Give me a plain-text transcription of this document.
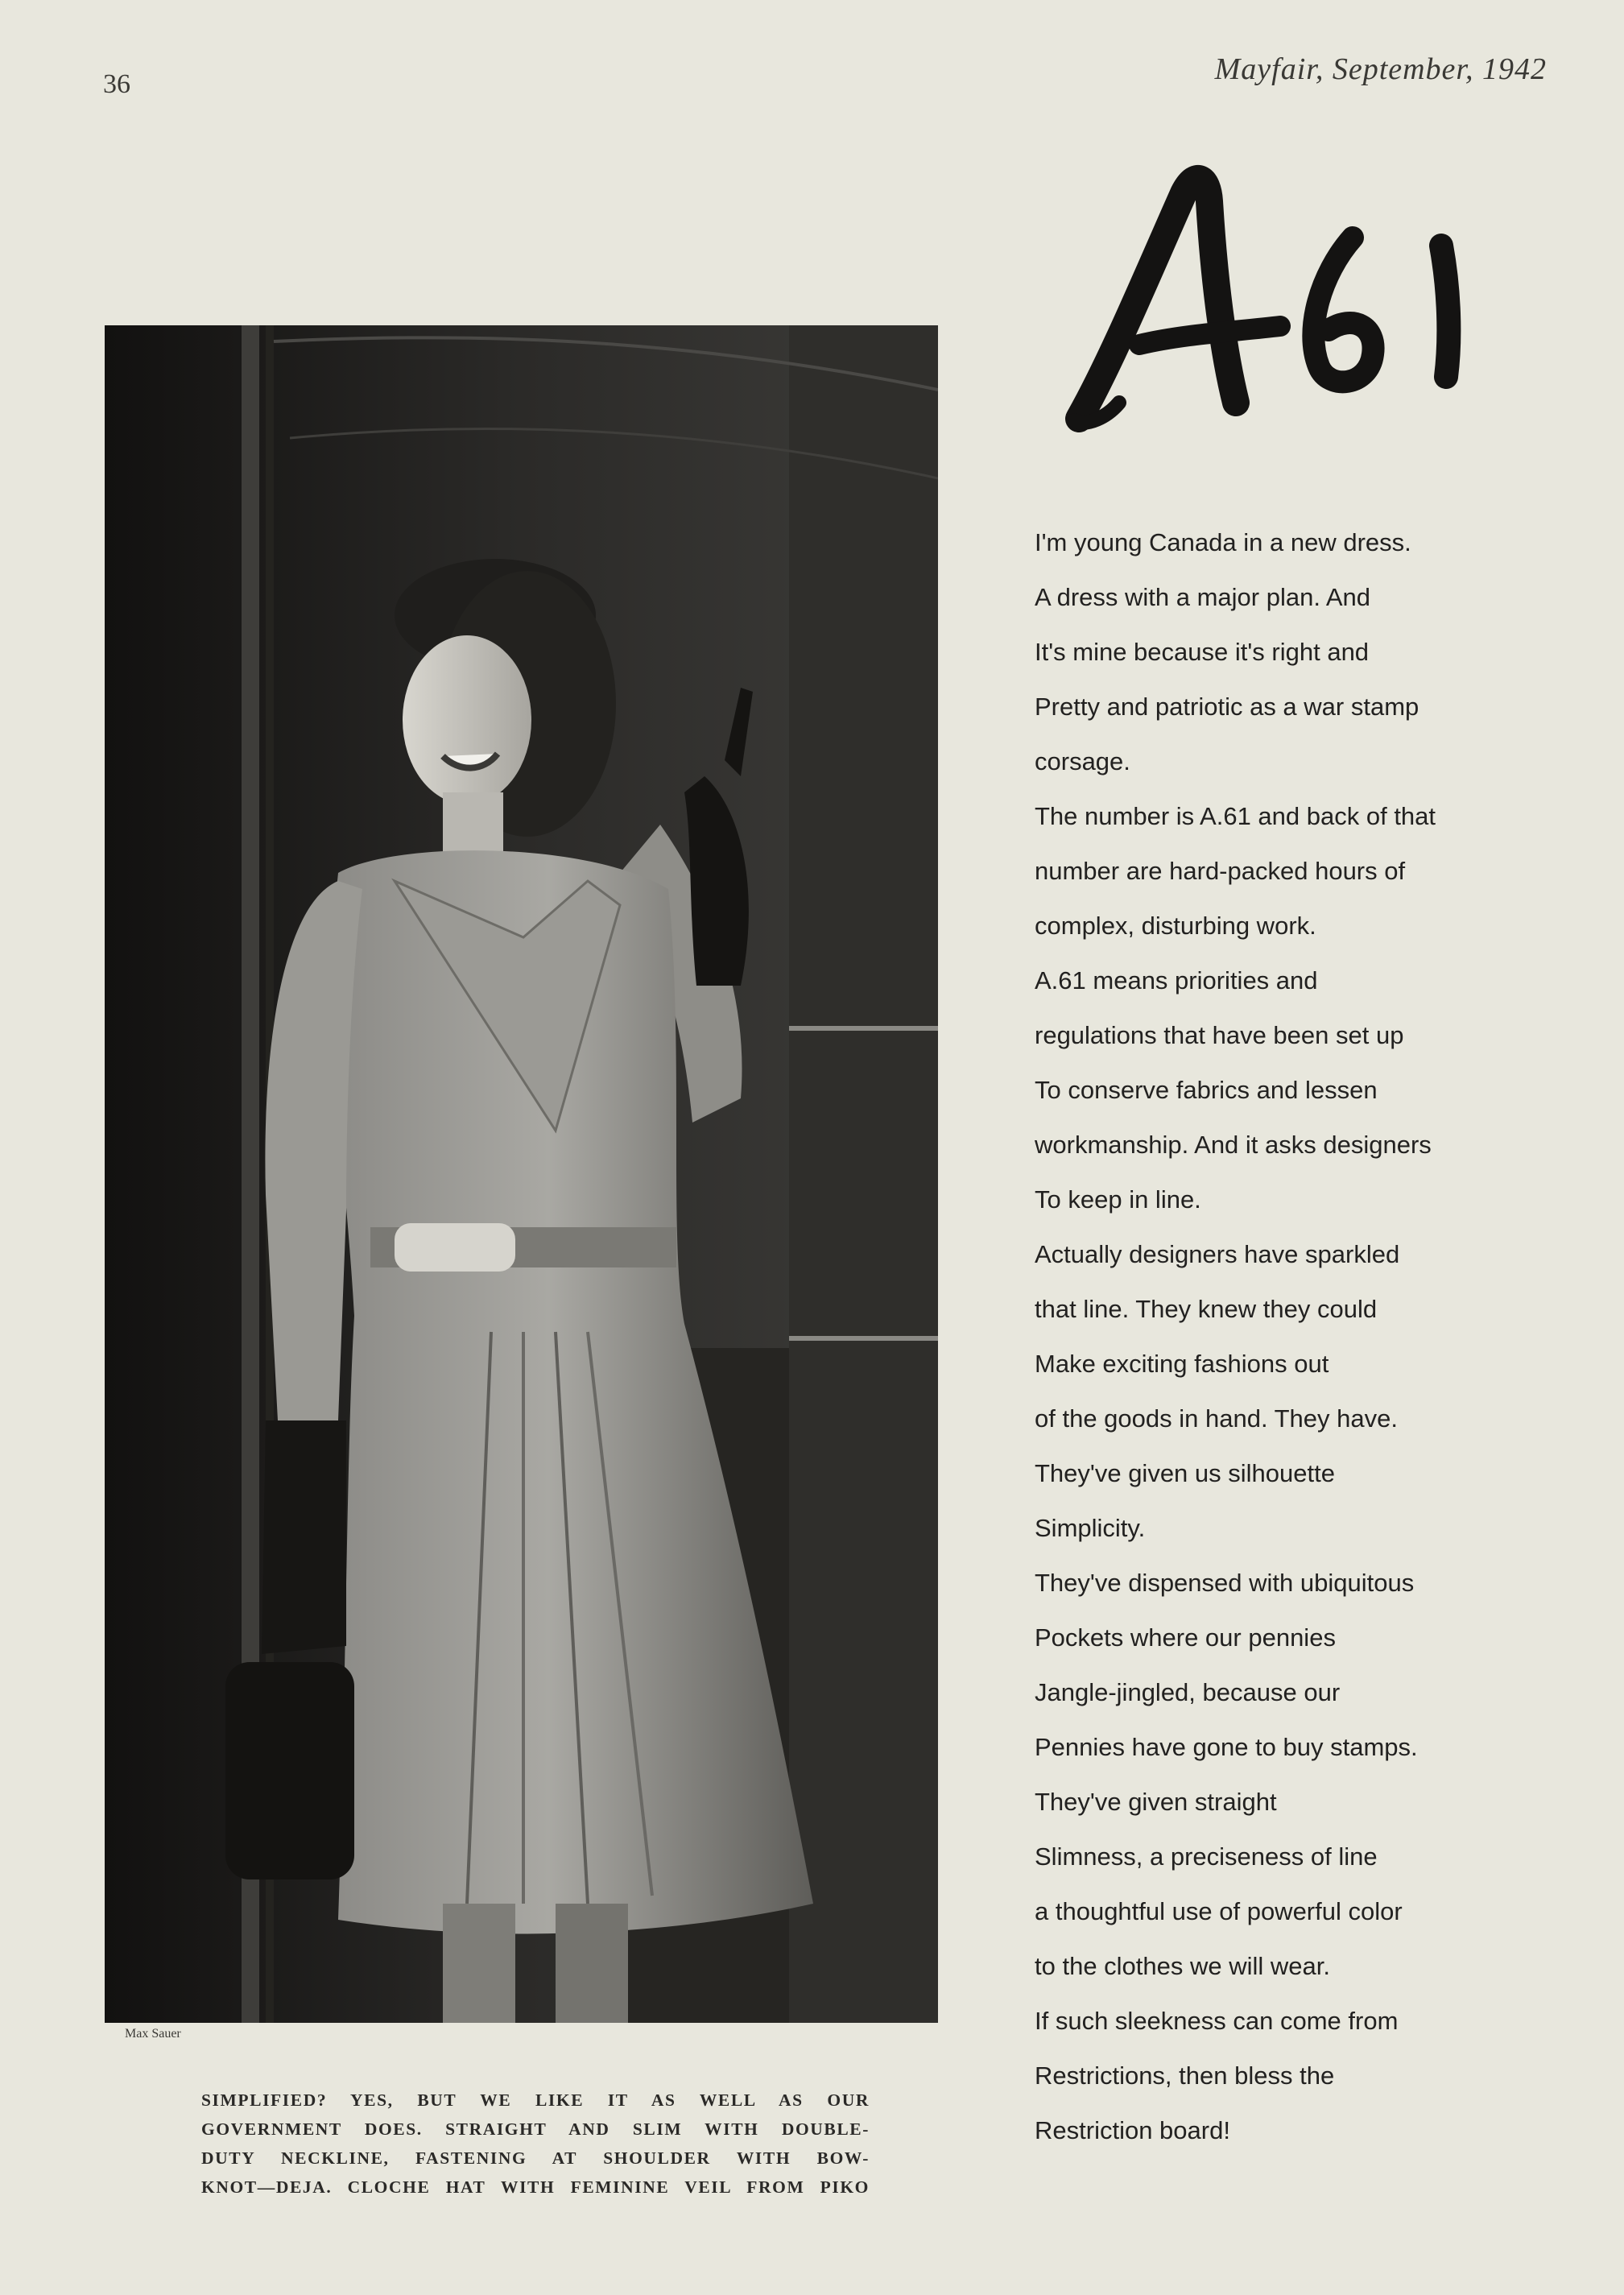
36	Mayfair, September, 1942
A 61
Max Sauer
SIMPLIFIED? YES, BUT WE LIKE IT AS WELL AS OUR
GOVERNMENT DOES. STRAIGHT AND SLIM WITH DOUBLE-
DUTY NECKLINE, FASTENING AT SHOULDER WITH BOW-
KNOT—DEJA. CLOCHE HAT WITH FEMININE VEIL FROM PIKO
I'm young Canada in a new dress.
A dress with a major plan. And
It's mine because it's right and
Pretty and patriotic as a war stamp
corsage.
The number is A.61 and back of that
number are hard-packed hours of
complex, disturbing work.
A.61 means priorities and
regulations that have been set up
To conserve fabrics and lessen
workmanship. And it asks designers
To keep in line.
Actually designers have sparkled
that line. They knew they could
Make exciting fashions out
of the goods in hand. They have.
They've given us silhouette
Simplicity.
They've dispensed with ubiquitous
Pockets where our pennies
Jangle-jingled, because our
Pennies have gone to buy stamps.
They've given straight
Slimness, a preciseness of line
a thoughtful use of powerful color
to the clothes we will wear.
If such sleekness can come from
Restrictions, then bless the
Restriction board!
